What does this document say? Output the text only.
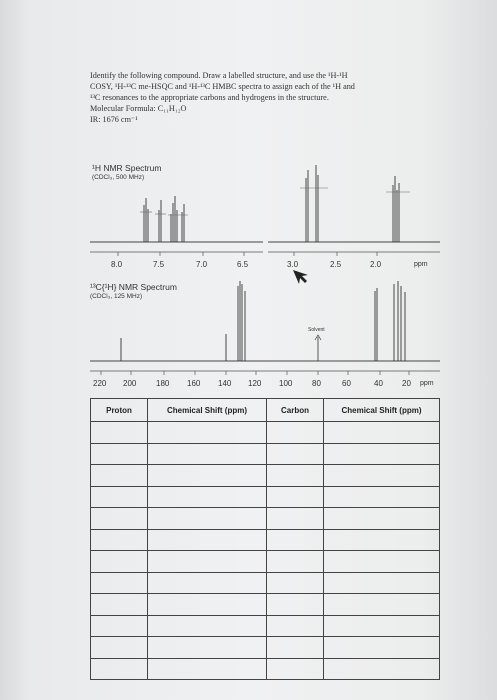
Identify the following compound. Draw a labelled structure, and use the ¹H-¹H
COSY, ¹H-¹³C me-HSQC and ¹H-¹³C HMBC spectra to assign each of the ¹H and
¹³C resonances to the appropriate carbons and hydrogens in the structure.
Molecular Formula: C₁₁H₁₂O
IR: 1676 cm⁻¹
¹H NMR Spectrum
(CDCl₃, 500 MHz)
8.0	7.5	7.0	6.5	3.0	2.5	2.0	ppm
¹³C{¹H} NMR Spectrum
(CDCl₃, 125 MHz)
Solvent
220 200 180 160 140 120 100 80	60	40 20 ppm
Proton	Chemical Shift (ppm)	Carbon	Chemical Shift (ppm)
